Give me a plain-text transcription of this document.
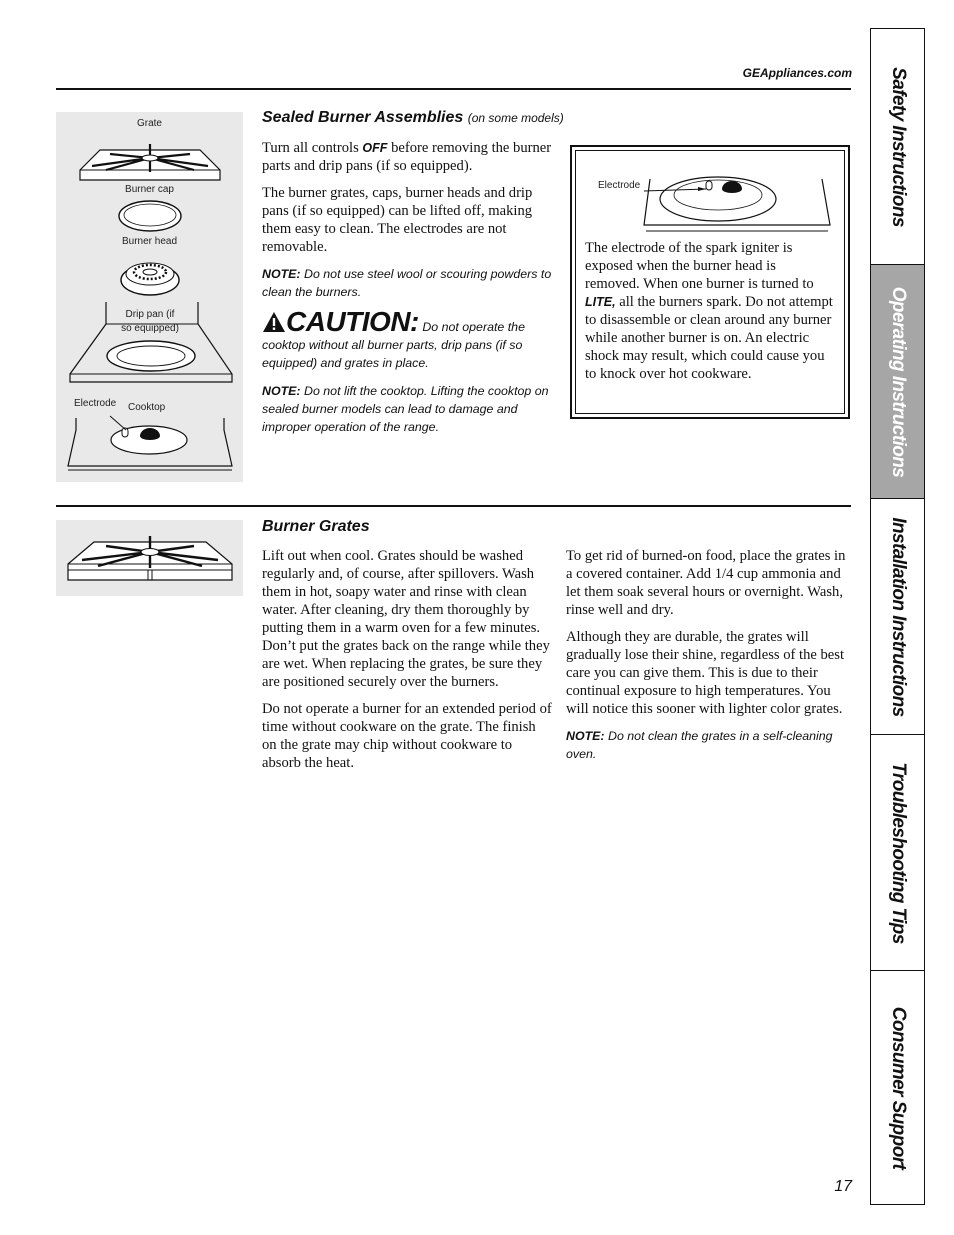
GEAppliances.com
Grate
Burner cap
Burner head
Drip pan (if
so equipped)
Electrode	Cooktop
Sealed Burner Assemblies (on some models)

Turn all controls OFF before removing the burner parts and drip pans (if so equipped).

The burner grates, caps, burner heads and drip pans (if so equipped) can be lifted off, making them easy to clean. The electrodes are not removable.

NOTE: Do not use steel wool or scouring powders to clean the burners.

CAUTION: Do not operate the cooktop without all burner parts, drip pans (if so equipped) and grates in place.

NOTE: Do not lift the cooktop. Lifting the cooktop on sealed burner models can lead to damage and improper operation of the range.

Electrode

The electrode of the spark igniter is exposed when the burner head is removed. When one burner is turned to LITE, all the burners spark. Do not attempt to disassemble or clean around any burner while another burner is on. An electric shock may result, which could cause you to knock over hot cookware.

Burner Grates

Lift out when cool. Grates should be washed regularly and, of course, after spillovers. Wash them in hot, soapy water and rinse with clean water. After cleaning, dry them thoroughly by putting them in a warm oven for a few minutes. Don’t put the grates back on the range while they are wet. When replacing the grates, be sure they are positioned securely over the burners.

Do not operate a burner for an extended period of time without cookware on the grate. The finish on the grate may chip without cookware to absorb the heat.

To get rid of burned-on food, place the grates in a covered container. Add 1/4 cup ammonia and let them soak several hours or overnight. Wash, rinse well and dry.

Although they are durable, the grates will gradually lose their shine, regardless of the best care you can give them. This is due to their continual exposure to high temperatures. You will notice this sooner with lighter color grates.

NOTE: Do not clean the grates in a self-cleaning oven.

Safety Instructions
Operating Instructions
Installation Instructions
Troubleshooting Tips
Consumer Support
17
